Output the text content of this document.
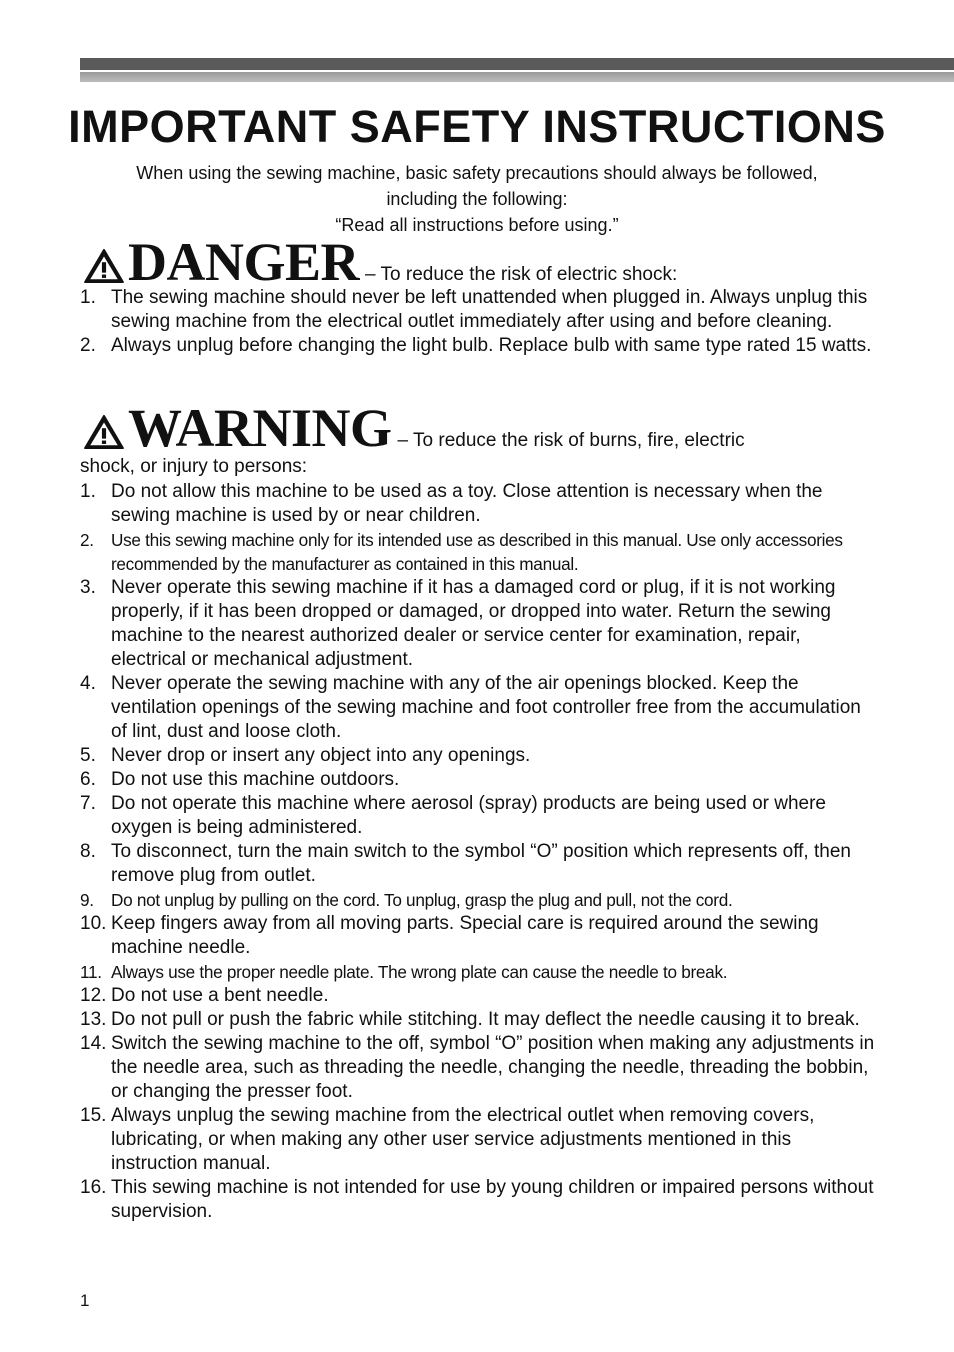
IMPORTANT SAFETY INSTRUCTIONS
When using the sewing machine, basic safety precautions should always be followed,
including the following:
“Read all instructions before using.”
DANGER – To reduce the risk of electric shock:
1. The sewing machine should never be left unattended when plugged in. Always unplug this sewing machine from the electrical outlet immediately after using and before cleaning.
2. Always unplug before changing the light bulb. Replace bulb with same type rated 15 watts.
WARNING – To reduce the risk of burns, fire, electric
shock, or injury to persons:
1. Do not allow this machine to be used as a toy. Close attention is necessary when the sewing machine is used by or near children.
2. Use this sewing machine only for its intended use as described in this manual. Use only accessories recommended by the manufacturer as contained in this manual.
3. Never operate this sewing machine if it has a damaged cord or plug, if it is not working properly, if it has been dropped or damaged, or dropped into water. Return the sewing machine to the nearest authorized dealer or service center for examination, repair, electrical or mechanical adjustment.
4. Never operate the sewing machine with any of the air openings blocked. Keep the ventilation openings of the sewing machine and foot controller free from the accumulation of lint, dust and loose cloth.
5. Never drop or insert any object into any openings.
6. Do not use this machine outdoors.
7. Do not operate this machine where aerosol (spray) products are being used or where oxygen is being administered.
8. To disconnect, turn the main switch to the symbol “O” position which represents off, then remove plug from outlet.
9. Do not unplug by pulling on the cord. To unplug, grasp the plug and pull, not the cord.
10. Keep fingers away from all moving parts. Special care is required around the sewing machine needle.
11. Always use the proper needle plate. The wrong plate can cause the needle to break.
12. Do not use a bent needle.
13. Do not pull or push the fabric while stitching. It may deflect the needle causing it to break.
14. Switch the sewing machine to the off, symbol “O” position when making any adjustments in the needle area, such as threading the needle, changing the needle, threading the bobbin, or changing the presser foot.
15. Always unplug the sewing machine from the electrical outlet when removing covers, lubricating, or when making any other user service adjustments mentioned in this instruction manual.
16. This sewing machine is not intended for use by young children or impaired persons without supervision.
1
